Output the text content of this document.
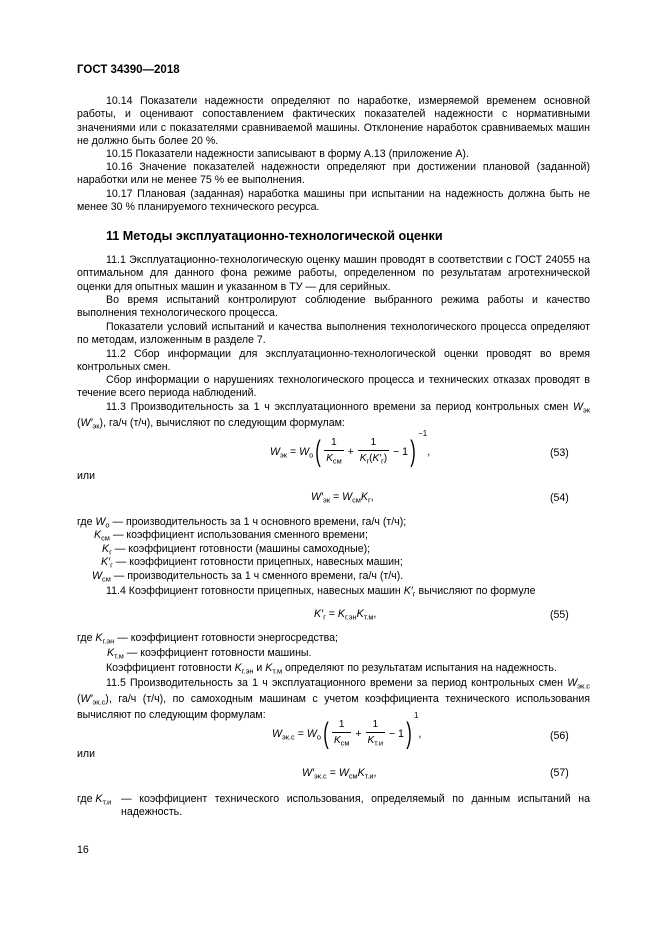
ГОСТ 34390—2018

10.14 Показатели надежности определяют по наработке, измеряемой временем основной работы, и оценивают сопоставлением фактических показателей надежности с нормативными значениями или с показателями сравниваемой машины. Отклонение наработок сравниваемых машин не должно быть более 20 %.

10.15 Показатели надежности записывают в форму А.13 (приложение А).

10.16 Значение показателей надежности определяют при достижении плановой (заданной) наработки или не менее 75 % ее выполнения.

10.17 Плановая (заданная) наработка машины при испытании на надежность должна быть не менее 30 % планируемого технического ресурса.

11 Методы эксплуатационно-технологической оценки

11.1 Эксплуатационно-технологическую оценку машин проводят в соответствии с ГОСТ 24055 на оптимальном для данного фона режиме работы, определенном по результатам агротехнической оценки для опытных машин и указанном в ТУ — для серийных.

Во время испытаний контролируют соблюдение выбранного режима работы и качество выполнения технологического процесса.

Показатели условий испытаний и качества выполнения технологического процесса определяют по методам, изложенным в разделе 7.

11.2 Сбор информации для эксплуатационно-технологической оценки проводят во время контрольных смен.

Сбор информации о нарушениях технологического процесса и технических отказах проводят в течение всего периода наблюдений.

11.3 Производительность за 1 ч эксплуатационного времени за период контрольных смен $W_{эк}$ $(W'_{эк})$, га/ч (т/ч), вычисляют по следующим формулам:

$W_{эк} = W_o( \frac{1}{K_{см}} + \frac{1}{K_г(K'_г)} - 1)^{-1}$,	(53)
или
$W'_{эк} = W_{см}K_г$,	(54)
где $W_o$ — производительность за 1 ч основного времени, га/ч (т/ч);
$K_{см}$ — коэффициент использования сменного времени;
$K_г$ — коэффициент готовности (машины самоходные);
$K'_г$ — коэффициент готовности прицепных, навесных машин;
$W_{см}$ — производительность за 1 ч сменного времени, га/ч (т/ч).

11.4 Коэффициент готовности прицепных, навесных машин $K'_г$ вычисляют по формуле

$K'_г = K_{г.эн}K_{т.м}$,	(55)
где $K_{г.эн}$ — коэффициент готовности энергосредства;
$K_{т.м}$ — коэффициент готовности машины.

Коэффициент готовности $K_{г.эн}$ и $K_{т.м}$ определяют по результатам испытания на надежность.

11.5 Производительность за 1 ч эксплуатационного времени за период контрольных смен $W_{эк.с}$ $(W'_{эк.с})$, га/ч (т/ч), по самоходным машинам с учетом коэффициента технического использования вычисляют по следующим формулам:

$W_{эк.с} = W_o( \frac{1}{K_{см}} + \frac{1}{K_{т.и}} - 1)^1$,	(56)
или
$W'_{эк.с} = W_{см}K_{т.и}$,	(57)
где $K_{т.и}$ — коэффициент технического использования, определяемый по данным испытаний на надежность.
16
